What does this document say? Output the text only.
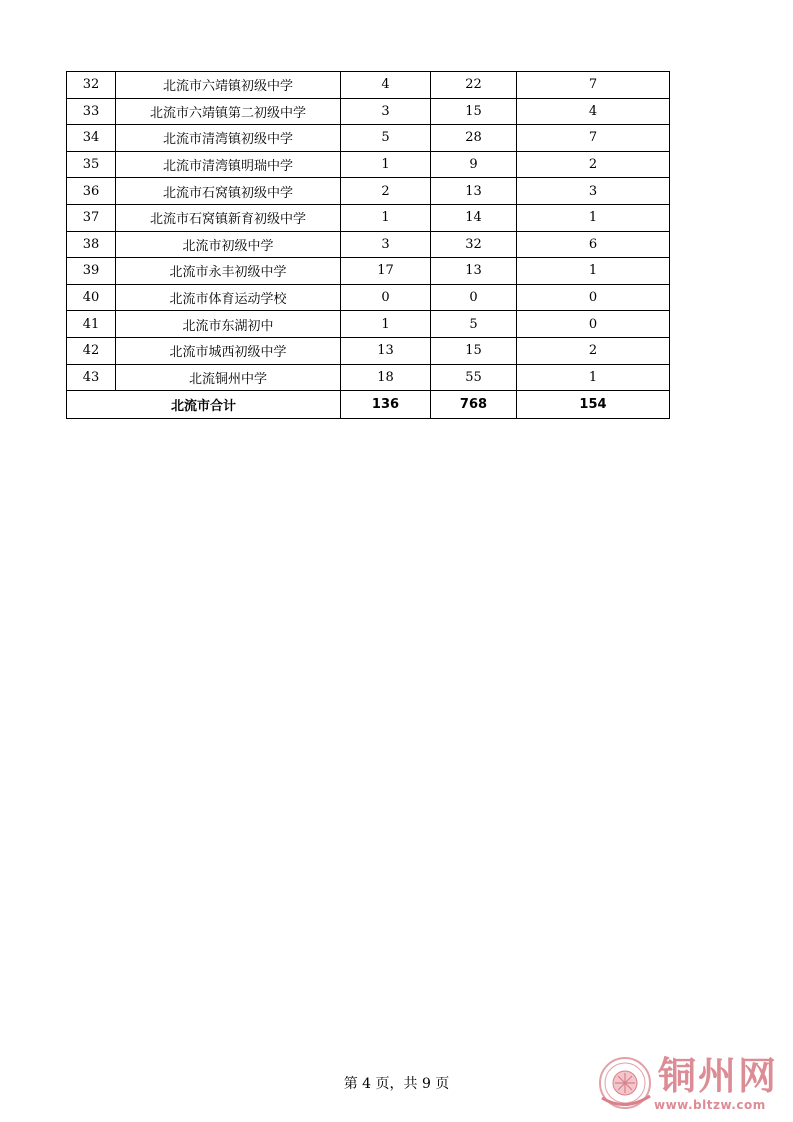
32	北流市六靖镇初级中学	4	22	7
33	北流市六靖镇第二初级中学	3	15	4
34	北流市清湾镇初级中学	5	28	7
35	北流市清湾镇明瑞中学	1	9	2
36	北流市石窝镇初级中学	2	13	3
37	北流市石窝镇新育初级中学	1	14	1
38	北流市初级中学	3	32	6
39	北流市永丰初级中学	17	13	1
40	北流市体育运动学校	0	0	0
41	北流市东湖初中	1	5	0
42	北流市城西初级中学	13	15	2
43	北流铜州中学	18	55	1
北流市合计		136	768	154
第 4 页，共 9 页	铜州网
www.bltzw.com
